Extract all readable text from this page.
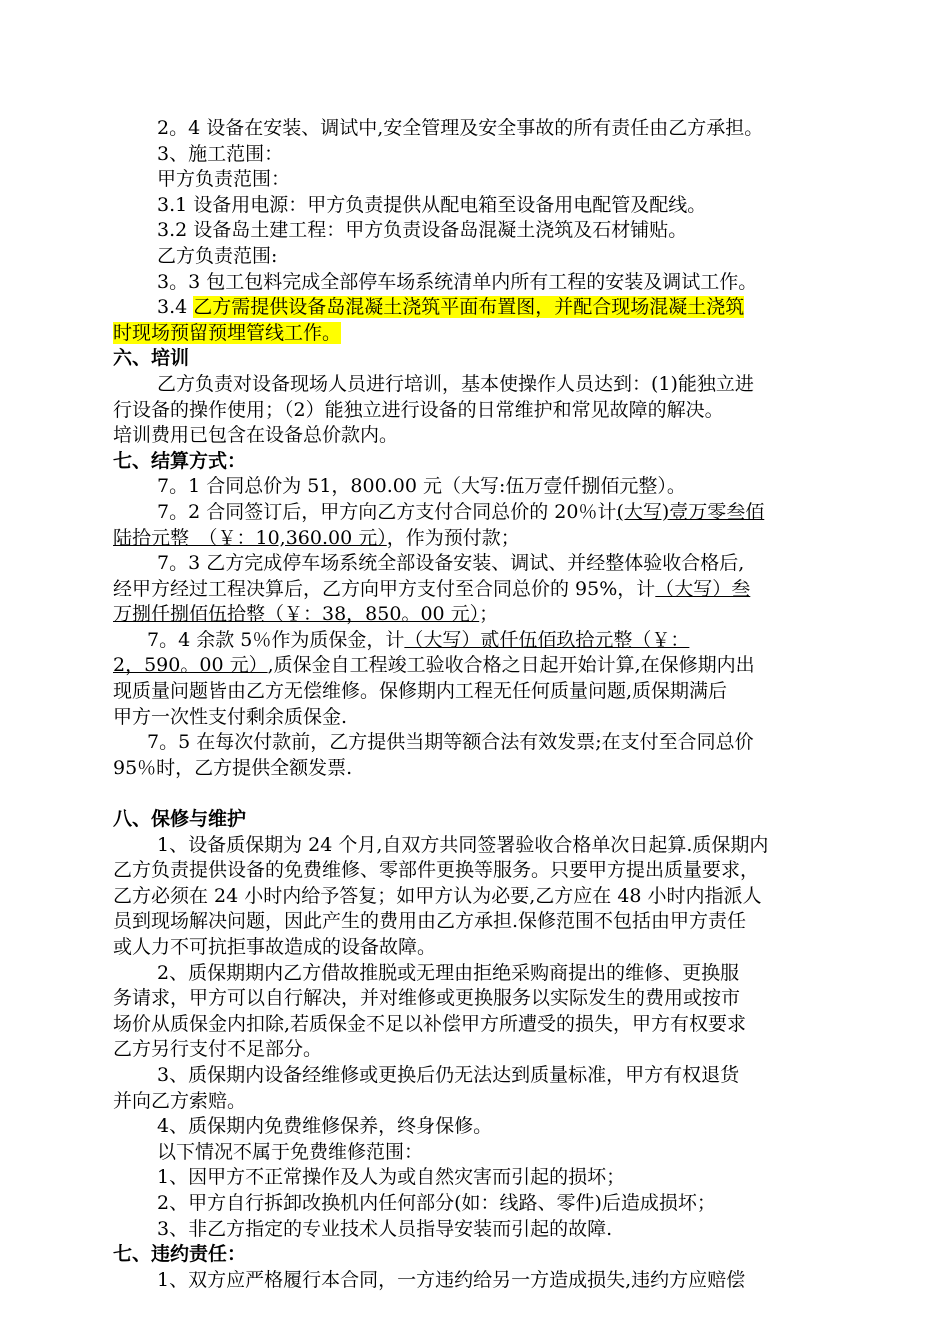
2。4 设备在安装、调试中,安全管理及安全事故的所有责任由乙方承担。
3、施工范围：
甲方负责范围：
3.1 设备用电源：甲方负责提供从配电箱至设备用电配管及配线。
3.2 设备岛土建工程：甲方负责设备岛混凝土浇筑及石材铺贴。
乙方负责范围:
3。3 包工包料完成全部停车场系统清单内所有工程的安装及调试工作。
3.4 乙方需提供设备岛混凝土浇筑平面布置图，并配合现场混凝土浇筑
时现场预留预埋管线工作。
六、培训
乙方负责对设备现场人员进行培训，基本使操作人员达到：(1)能独立进
行设备的操作使用；（2）能独立进行设备的日常维护和常见故障的解决。
培训费用已包含在设备总价款内。
七、结算方式：
7。1 合同总价为 51，800.00 元（大写:伍万壹仟捌佰元整）。
7。2 合同签订后，甲方向乙方支付合同总价的 20％计(大写)壹万零叁佰
陆拾元整　（￥：10,360.00 元），作为预付款；
7。3 乙方完成停车场系统全部设备安装、调试、并经整体验收合格后,
经甲方经过工程决算后，乙方向甲方支付至合同总价的 95%，计（大写）叁
万捌仟捌佰伍拾整（￥：38，850。00 元）；
7。4 余款 5％作为质保金，计（大写）贰仟伍佰玖拾元整（￥：
2，590。00 元）,质保金自工程竣工验收合格之日起开始计算,在保修期内出
现质量问题皆由乙方无偿维修。保修期内工程无任何质量问题,质保期满后
甲方一次性支付剩余质保金.
7。5 在每次付款前，乙方提供当期等额合法有效发票;在支付至合同总价
95％时，乙方提供全额发票.
八、保修与维护
1、设备质保期为 24 个月,自双方共同签署验收合格单次日起算.质保期内
乙方负责提供设备的免费维修、零部件更换等服务。只要甲方提出质量要求，
乙方必须在 24 小时内给予答复；如甲方认为必要,乙方应在 48 小时内指派人
员到现场解决问题，因此产生的费用由乙方承担.保修范围不包括由甲方责任
或人力不可抗拒事故造成的设备故障。
2、质保期期内乙方借故推脱或无理由拒绝采购商提出的维修、更换服
务请求，甲方可以自行解决，并对维修或更换服务以实际发生的费用或按市
场价从质保金内扣除,若质保金不足以补偿甲方所遭受的损失，甲方有权要求
乙方另行支付不足部分。
3、质保期内设备经维修或更换后仍无法达到质量标准，甲方有权退货
并向乙方索赔。
4、质保期内免费维修保养，终身保修。
以下情况不属于免费维修范围：
1、因甲方不正常操作及人为或自然灾害而引起的损坏；
2、甲方自行拆卸改换机内任何部分(如：线路、零件)后造成损坏；
3、非乙方指定的专业技术人员指导安装而引起的故障.
七、违约责任：
1、双方应严格履行本合同，一方违约给另一方造成损失,违约方应赔偿
